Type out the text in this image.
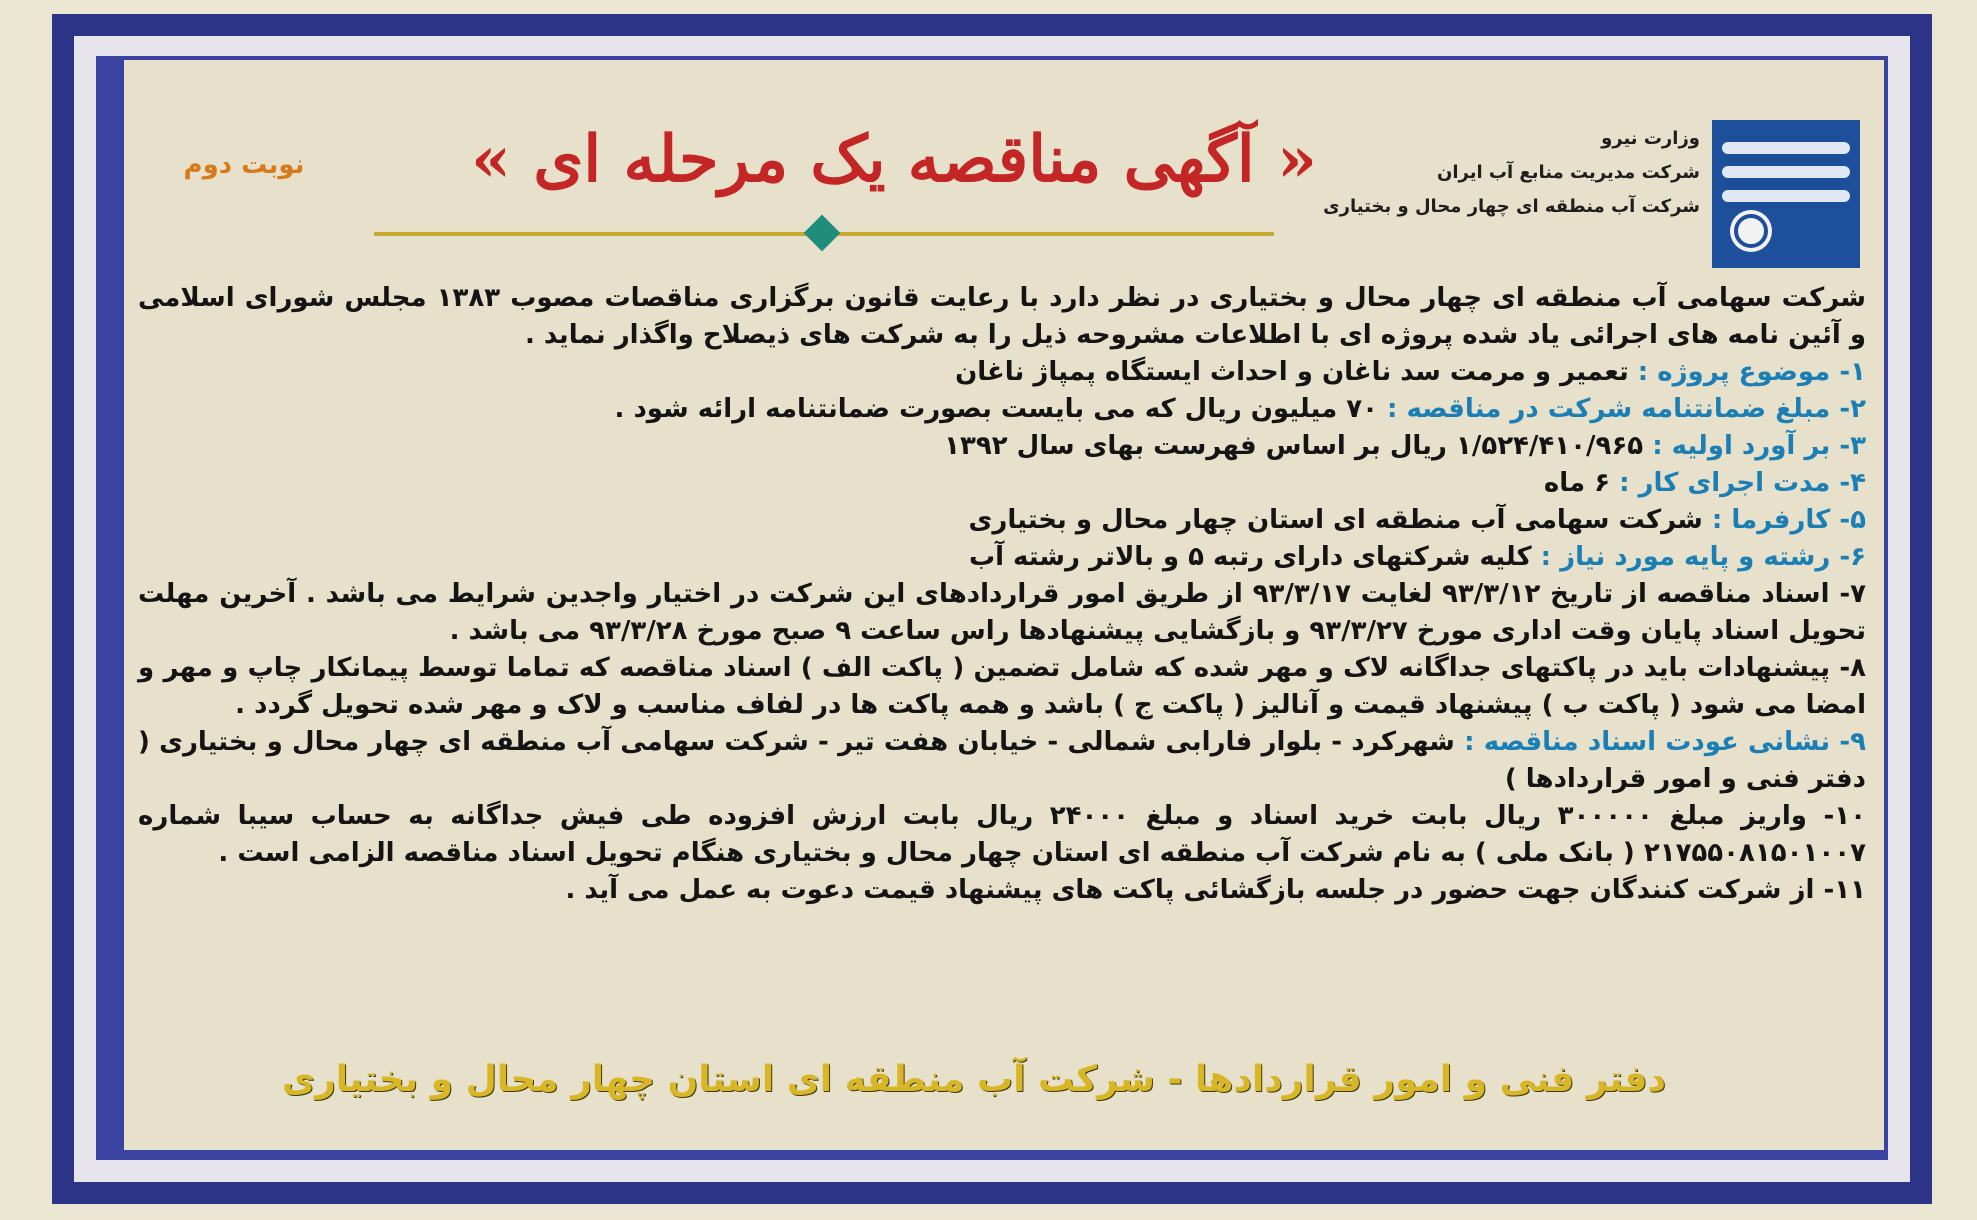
وزارت نیرو
شرکت مدیریت منابع آب ایران
شرکت آب منطقه ای چهار محال و بختیاری
« آگهی مناقصه یک مرحله ای »
نوبت دوم

شرکت سهامی آب منطقه ای چهار محال و بختیاری در نظر دارد با رعایت قانون برگزاری مناقصات مصوب ۱۳۸۳ مجلس شورای اسلامی و آئین نامه های اجرائی یاد شده پروژه ای با اطلاعات مشروحه ذیل را به شرکت های ذیصلاح واگذار نماید .

۱- موضوع پروژه : تعمیر و مرمت سد ناغان و احداث ایستگاه پمپاژ ناغان

۲- مبلغ ضمانتنامه شرکت در مناقصه : ۷۰ میلیون ریال که می بایست بصورت ضمانتنامه ارائه شود .

۳- بر آورد اولیه : ۱/۵۲۴/۴۱۰/۹۶۵ ریال بر اساس فهرست بهای سال ۱۳۹۲

۴- مدت اجرای کار : ۶ ماه

۵- کارفرما : شرکت سهامی آب منطقه ای استان چهار محال و بختیاری

۶- رشته و پایه مورد نیاز : کلیه شرکتهای دارای رتبه ۵ و بالاتر رشته آب

۷- اسناد مناقصه از تاریخ ۹۳/۳/۱۲ لغایت ۹۳/۳/۱۷ از طریق امور قراردادهای این شرکت در اختیار واجدین شرایط می باشد . آخرین مهلت تحویل اسناد پایان وقت اداری مورخ ۹۳/۳/۲۷ و بازگشایی پیشنهادها راس ساعت ۹ صبح مورخ ۹۳/۳/۲۸ می باشد .

۸- پیشنهادات باید در پاکتهای جداگانه لاک و مهر شده که شامل تضمین ( پاکت الف ) اسناد مناقصه که تماما توسط پیمانکار چاپ و مهر و امضا می شود ( پاکت ب ) پیشنهاد قیمت و آنالیز ( پاکت ج ) باشد و همه پاکت ها در لفاف مناسب و لاک و مهر شده تحویل گردد .

۹- نشانی عودت اسناد مناقصه : شهرکرد - بلوار فارابی شمالی - خیابان هفت تیر - شرکت سهامی آب منطقه ای چهار محال و بختیاری ( دفتر فنی و امور قراردادها )

۱۰- واریز مبلغ ۳۰۰۰۰۰ ریال بابت خرید اسناد و مبلغ ۲۴۰۰۰ ریال بابت ارزش افزوده طی فیش جداگانه به حساب سیبا شماره ۲۱۷۵۵۰۸۱۵۰۱۰۰۷ ( بانک ملی ) به نام شرکت آب منطقه ای استان چهار محال و بختیاری هنگام تحویل اسناد مناقصه الزامی است .

۱۱- از شرکت کنندگان جهت حضور در جلسه بازگشائی پاکت های پیشنهاد قیمت دعوت به عمل می آید .

دفتر فنی و امور قراردادها - شرکت آب منطقه ای استان چهار محال و بختیاری
